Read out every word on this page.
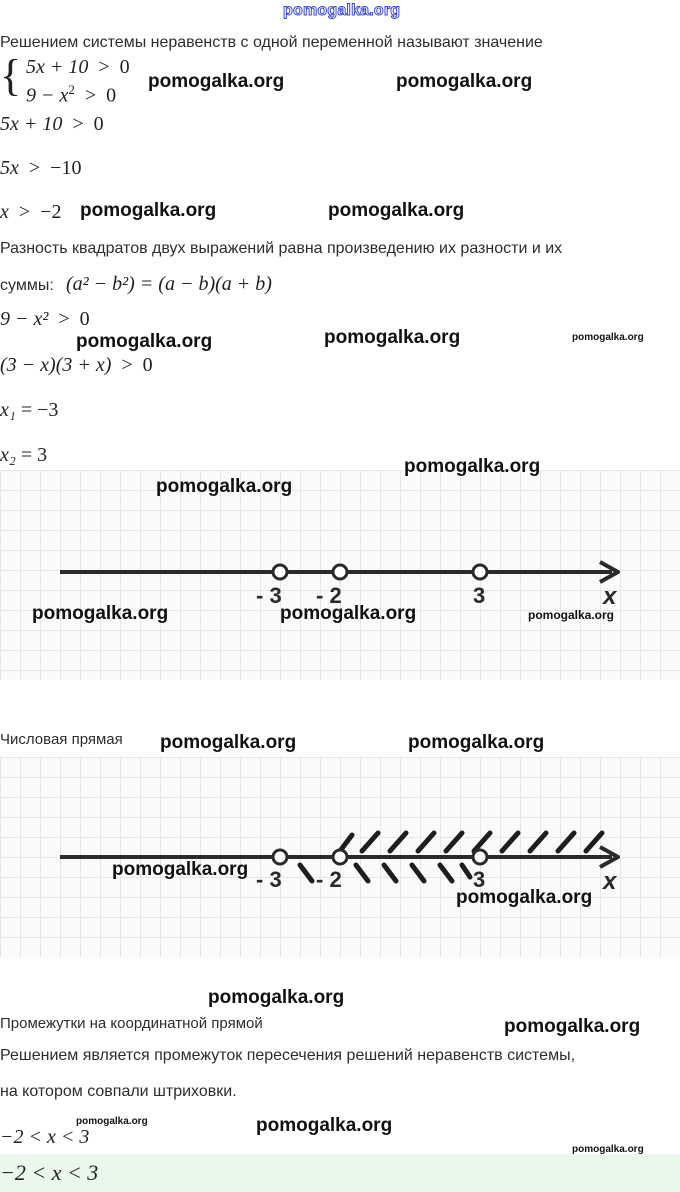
pomogalka.org
Решением системы неравенств с одной переменной называют значение
{ 5x + 10 > 0
$9 - x^2 > 0$
5x + 10 > 0
5x > −10
x > −2
Разность квадратов двух выражений равна произведению их разности и их
суммы: (a² − b²) = (a − b)(a + b)
9 − x² > 0
(3 − x)(3 + x) > 0
x₁ = −3
x₂ = 3
- 3 - 2	3	x
Числовая прямая
- 3 - 2	3	x
Промежутки на координатной прямой
Решением является промежуток пересечения решений неравенств системы,
на котором совпали штриховки.
−2 < x < 3
−2 < x < 3
pomogalka.org	pomogalka.org
pomogalka.org	pomogalka.org
pomogalka.org	pomogalka.org	pomogalka.org
pomogalka.org
pomogalka.org
pomogalka.org	pomogalka.org	pomogalka.org
pomogalka.org	pomogalka.org
pomogalka.org
pomogalka.org
pomogalka.org
pomogalka.org
pomogalka.org	pomogalka.org
pomogalka.org
